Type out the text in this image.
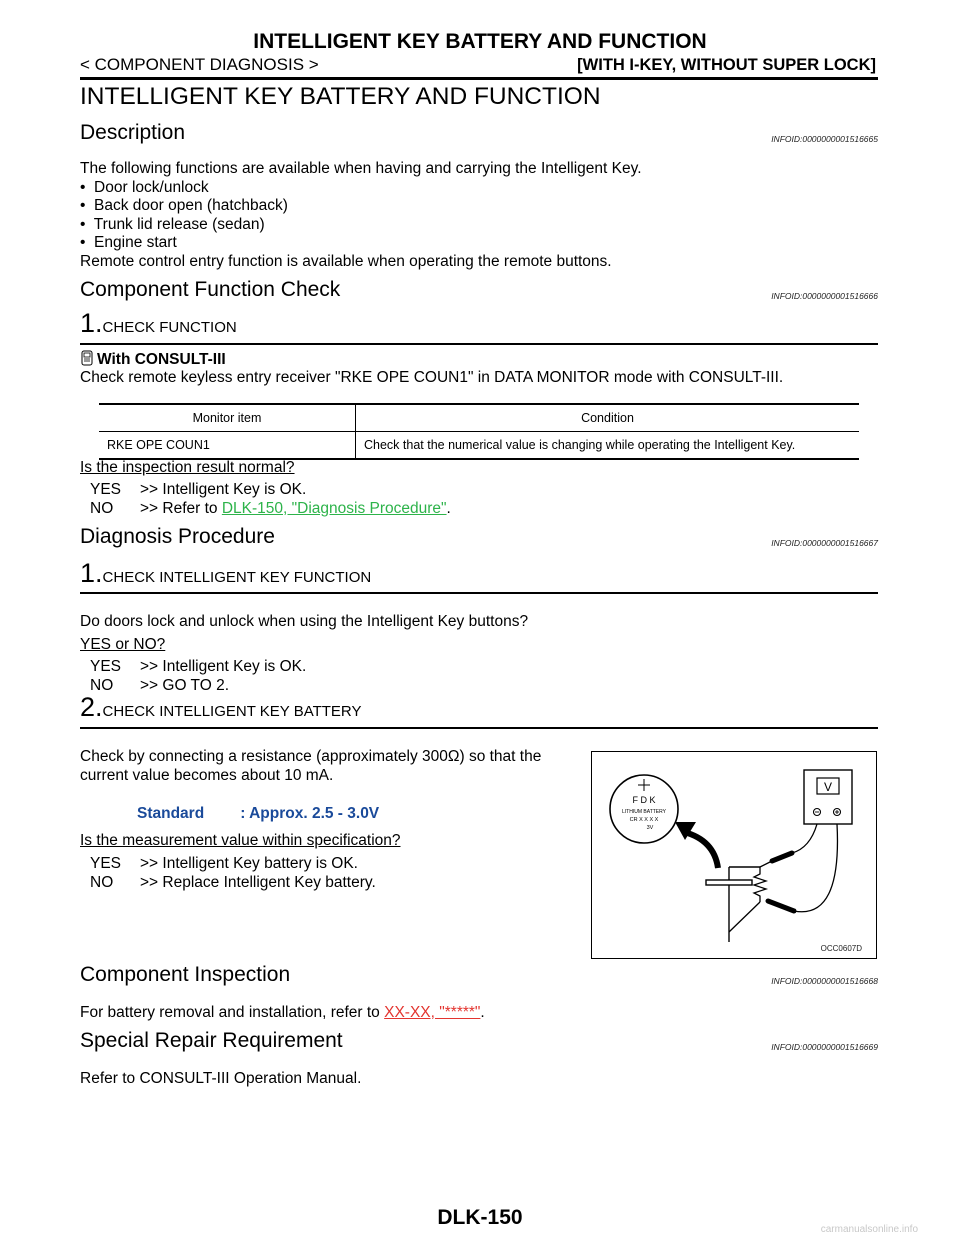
INTELLIGENT KEY BATTERY AND FUNCTION
< COMPONENT DIAGNOSIS >	[WITH I-KEY, WITHOUT SUPER LOCK]
INTELLIGENT KEY BATTERY AND FUNCTION
Description	INFOID:0000000001516665
The following functions are available when having and carrying the Intelligent Key.
•  Door lock/unlock
•  Back door open (hatchback)
•  Trunk lid release (sedan)
•  Engine start
Remote control entry function is available when operating the remote buttons.
Component Function Check	INFOID:0000000001516666
1.CHECK FUNCTION
With CONSULT-III
Check remote keyless entry receiver "RKE OPE COUN1" in DATA MONITOR mode with CONSULT-III.
Monitor item	Condition
RKE OPE COUN1	Check that the numerical value is changing while operating the Intelligent Key.
Is the inspection result normal?
YES	>> Intelligent Key is OK.
NO	>> Refer to DLK-150, "Diagnosis Procedure".
Diagnosis Procedure	INFOID:0000000001516667
1.CHECK INTELLIGENT KEY FUNCTION
Do doors lock and unlock when using the Intelligent Key buttons?
YES or NO?
YES	>> Intelligent Key is OK.
NO	>> GO TO 2.
2.CHECK INTELLIGENT KEY BATTERY
Check by connecting a resistance (approximately 300Ω) so that the
current value becomes about 10 mA.
Standard : Approx. 2.5 - 3.0V
Is the measurement value within specification?
YES	>> Intelligent Key battery is OK.
NO	>> Replace Intelligent Key battery.
F D K
LITHIUM BATTERY
CR X X X X
3V
V
OCC0607D
Component Inspection	INFOID:0000000001516668
For battery removal and installation, refer to XX-XX, "*****".
Special Repair Requirement	INFOID:0000000001516669
Refer to CONSULT-III Operation Manual.
DLK-150
carmanualsonline.info
